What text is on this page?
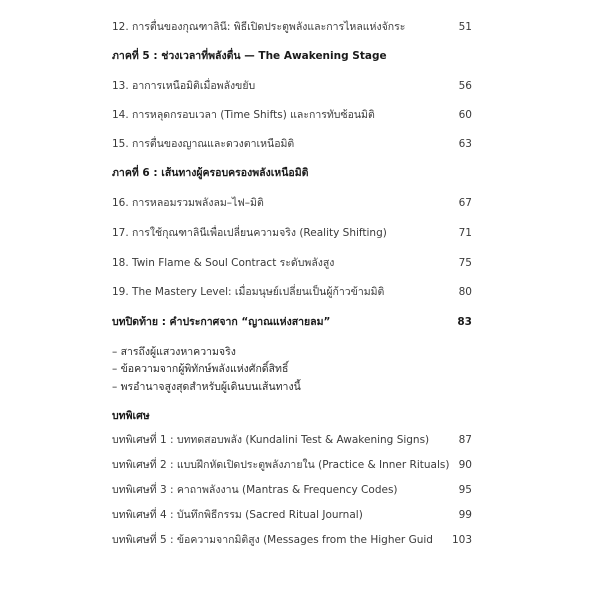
12. การตื่นของกุณฑาลินี: พิธีเปิดประตูพลังและการไหลแห่งจักระ	51
ภาคที่ 5 : ช่วงเวลาที่พลังตื่น — The Awakening Stage
13. อาการเหนือมิติเมื่อพลังขยับ	56
14. การหลุดกรอบเวลา (Time Shifts) และการทับซ้อนมิติ	60
15. การตื่นของญาณและดวงตาเหนือมิติ	63
ภาคที่ 6 : เส้นทางผู้ครอบครองพลังเหนือมิติ
16. การหลอมรวมพลังลม–ไฟ–มิติ	67
17. การใช้กุณฑาลินีเพื่อเปลี่ยนความจริง (Reality Shifting)	71
18. Twin Flame & Soul Contract ระดับพลังสูง	75
19. The Mastery Level: เมื่อมนุษย์เปลี่ยนเป็นผู้ก้าวข้ามมิติ	80
บทปิดท้าย : คำประกาศจาก “ญาณแห่งสายลม”	83
– สารถึงผู้แสวงหาความจริง
– ข้อความจากผู้พิทักษ์พลังแห่งศักดิ์สิทธิ์
– พรอำนาจสูงสุดสำหรับผู้เดินบนเส้นทางนี้
บทพิเศษ
บทพิเศษที่ 1 : บททดสอบพลัง (Kundalini Test & Awakening Signs)	87
บทพิเศษที่ 2 : แบบฝึกหัดเปิดประตูพลังภายใน (Practice & Inner Rituals) 90
บทพิเศษที่ 3 : คาถาพลังงาน (Mantras & Frequency Codes)	95
บทพิเศษที่ 4 : บันทึกพิธีกรรม (Sacred Ritual Journal)	99
บทพิเศษที่ 5 : ข้อความจากมิติสูง (Messages from the Higher Guid 103
